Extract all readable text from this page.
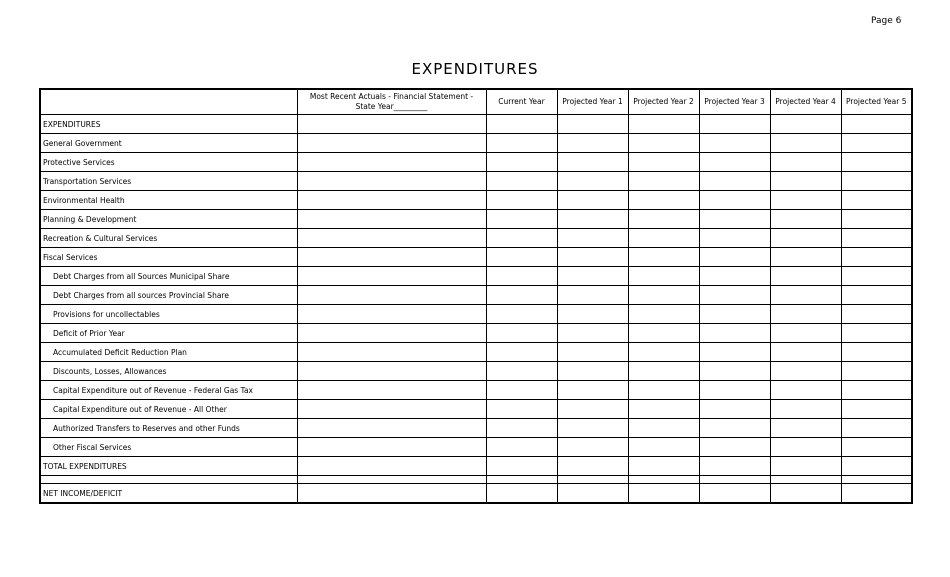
Page 6
EXPENDITURES
	Most Recent Actuals - Financial Statement - State Year_________	Current Year	Projected Year 1	Projected Year 2	Projected Year 3	Projected Year 4	Projected Year 5
EXPENDITURES							
General Government							
Protective Services							
Transportation Services							
Environmental Health							
Planning & Development							
Recreation & Cultural Services							
Fiscal Services							
Debt Charges from all Sources Municipal Share							
Debt Charges from all sources Provincial Share							
Provisions for uncollectables							
Deficit of Prior Year							
Accumulated Deficit Reduction Plan							
Discounts, Losses, Allowances							
Capital Expenditure out of Revenue - Federal Gas Tax							
Capital Expenditure out of Revenue - All Other							
Authorized Transfers to Reserves and other Funds							
Other Fiscal Services							
TOTAL EXPENDITURES							

NET INCOME/DEFICIT							
